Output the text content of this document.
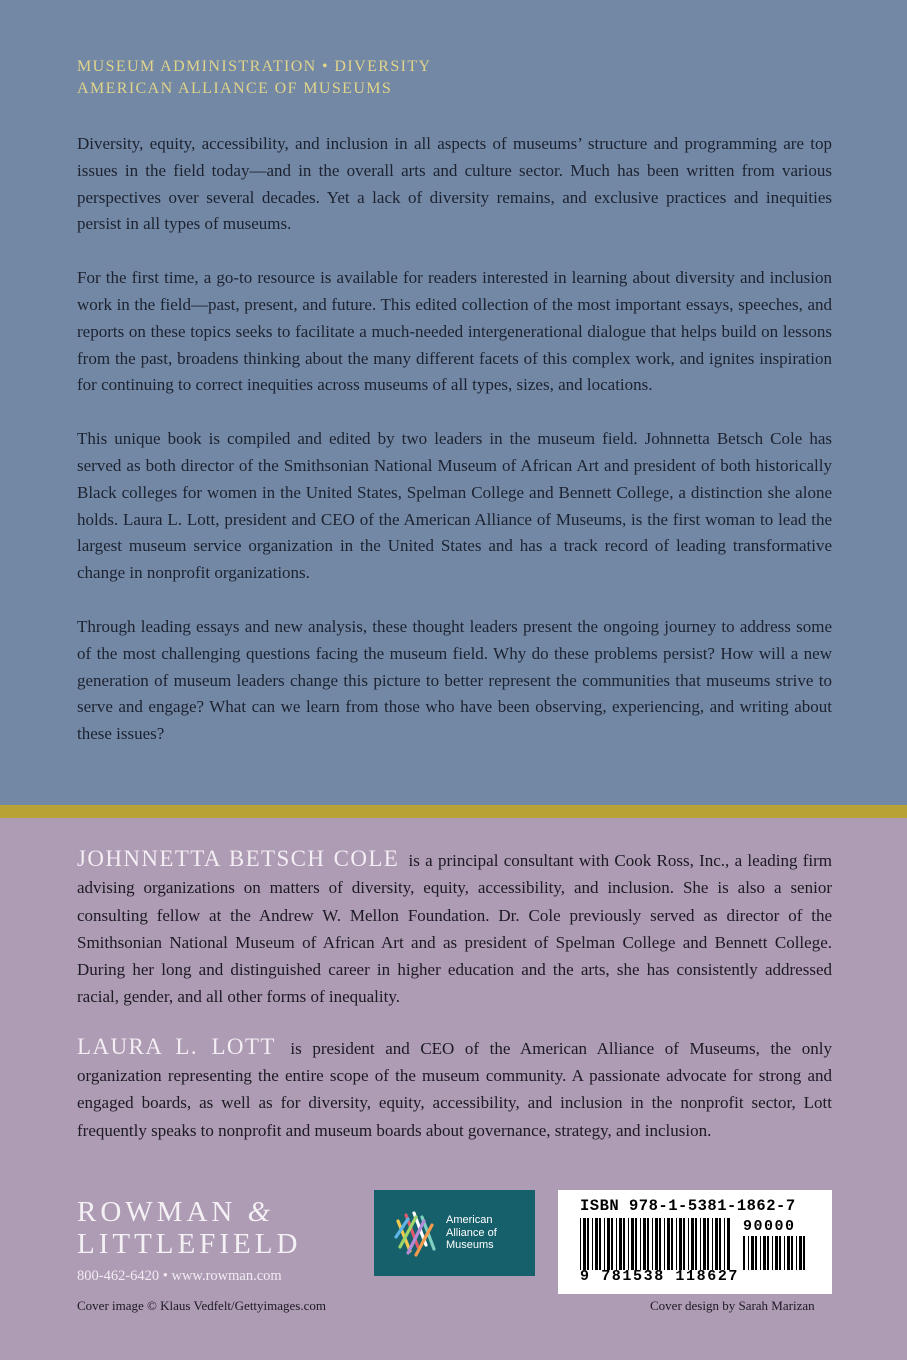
MUSEUM ADMINISTRATION • DIVERSITY
AMERICAN ALLIANCE OF MUSEUMS

Diversity, equity, accessibility, and inclusion in all aspects of museums’ structure and programming are top issues in the field today—and in the overall arts and culture sector. Much has been written from various perspectives over several decades. Yet a lack of diversity remains, and exclusive practices and inequities persist in all types of museums.

For the first time, a go-to resource is available for readers interested in learning about diversity and inclusion work in the field—past, present, and future. This edited collection of the most important essays, speeches, and reports on these topics seeks to facilitate a much-needed intergenerational dialogue that helps build on lessons from the past, broadens thinking about the many different facets of this complex work, and ignites inspiration for continuing to correct inequities across museums of all types, sizes, and locations.

This unique book is compiled and edited by two leaders in the museum field. Johnnetta Betsch Cole has served as both director of the Smithsonian National Museum of African Art and president of both historically Black colleges for women in the United States, Spelman College and Bennett College, a distinction she alone holds. Laura L. Lott, president and CEO of the American Alliance of Museums, is the first woman to lead the largest museum service organization in the United States and has a track record of leading transformative change in nonprofit organizations.

Through leading essays and new analysis, these thought leaders present the ongoing journey to address some of the most challenging questions facing the museum field. Why do these problems persist? How will a new generation of museum leaders change this picture to better represent the communities that museums strive to serve and engage? What can we learn from those who have been observing, experiencing, and writing about these issues?

JOHNNETTA BETSCH COLE is a principal consultant with Cook Ross, Inc., a leading firm advising organizations on matters of diversity, equity, accessibility, and inclusion. She is also a senior consulting fellow at the Andrew W. Mellon Foundation. Dr. Cole previously served as director of the Smithsonian National Museum of African Art and as president of Spelman College and Bennett College. During her long and distinguished career in higher education and the arts, she has consistently addressed racial, gender, and all other forms of inequality.

LAURA L. LOTT is president and CEO of the American Alliance of Museums, the only organization representing the entire scope of the museum community. A passionate advocate for strong and engaged boards, as well as for diversity, equity, accessibility, and inclusion in the nonprofit sector, Lott frequently speaks to nonprofit and museum boards about governance, strategy, and inclusion.

ROWMAN &
LITTLEFIELD
800-462-6420 • www.rowman.com
American
Alliance of
Museums
ISBN 978-1-5381-1862-7
90000
9 781538 118627
Cover image © Klaus Vedfelt/Gettyimages.com	Cover design by Sarah Marizan
